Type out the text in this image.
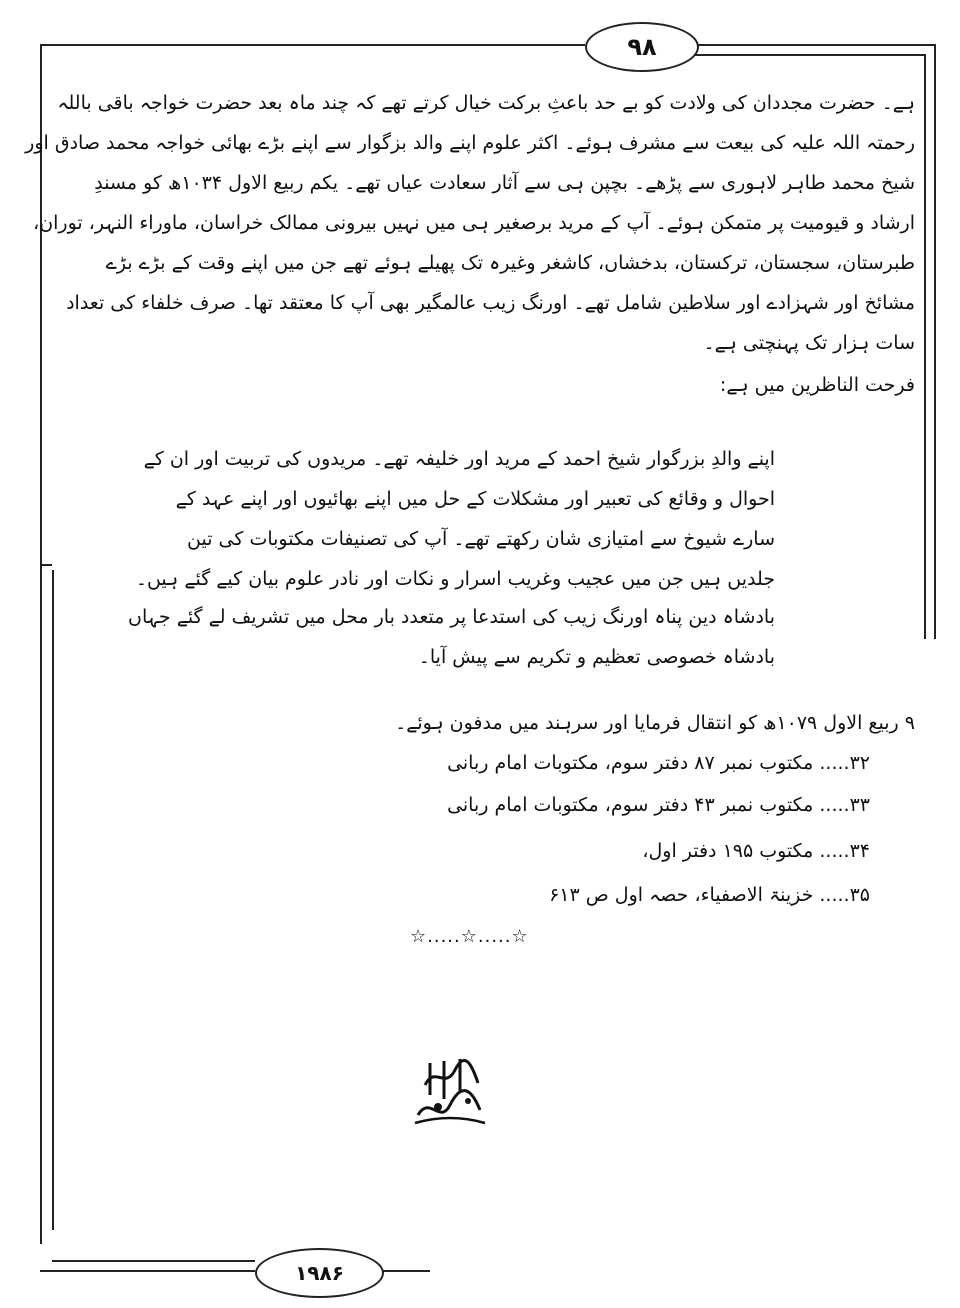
۹۸
ہے۔ حضرت مجددان کی ولادت کو بے حد باعثِ برکت خیال کرتے تھے کہ چند ماہ بعد حضرت خواجہ باقی باللہ
رحمتہ اللہ علیہ کی بیعت سے مشرف ہوئے۔ اکثر علوم اپنے والد بزگوار سے اپنے بڑے بھائی خواجہ محمد صادق اور
شیخ محمد طاہر لاہوری سے پڑھے۔ بچپن ہی سے آثار سعادت عیاں تھے۔ یکم ربیع الاول ۱۰۳۴ھ کو مسندِ
ارشاد و قیومیت پر متمکن ہوئے۔ آپ کے مرید برصغیر ہی میں نہیں بیرونی ممالک خراسان، ماوراء النہر، توران،
طبرستان، سجستان، ترکستان، بدخشاں، کاشغر وغیرہ تک پھیلے ہوئے تھے جن میں اپنے وقت کے بڑے بڑے
مشائخ اور شہزادے اور سلاطین شامل تھے۔ اورنگ زیب عالمگیر بھی آپ کا معتقد تھا۔ صرف خلفاء کی تعداد
سات ہزار تک پہنچتی ہے۔
فرحت الناظرین میں ہے:
اپنے والدِ بزرگوار شیخ احمد کے مرید اور خلیفہ تھے۔ مریدوں کی تربیت اور ان کے
احوال و وقائع کی تعبیر اور مشکلات کے حل میں اپنے بھائیوں اور اپنے عہد کے
سارے شیوخ سے امتیازی شان رکھتے تھے۔ آپ کی تصنیفات مکتوبات کی تین
جلدیں ہیں جن میں عجیب وغریب اسرار و نکات اور نادر علوم بیان کیے گئے ہیں۔
بادشاہ دین پناہ اورنگ زیب کی استدعا پر متعدد بار محل میں تشریف لے گئے جہاں
بادشاہ خصوصی تعظیم و تکریم سے پیش آیا۔
۹ ربیع الاول ۱۰۷۹ھ کو انتقال فرمایا اور سرہند میں مدفون ہوئے۔
۳۲..... مکتوب نمبر ۸۷ دفتر سوم، مکتوبات امام ربانی
۳۳..... مکتوب نمبر ۴۳ دفتر سوم، مکتوبات امام ربانی
۳۴..... مکتوب ۱۹۵ دفتر اول،
۳۵..... خزینۃ الاصفیاء، حصہ اول ص ۶۱۳
☆.....☆.....☆
۱۹۸۶
